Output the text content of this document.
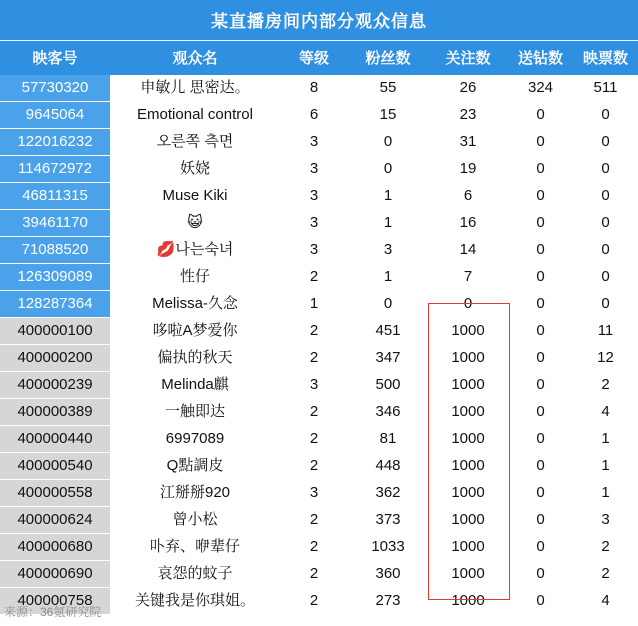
某直播房间内部分观众信息
映客号	观众名	等级	粉丝数	关注数	送钻数	映票数
57730320	申敏儿 思密达。	8	55	26	324	511
9645064	Emotional control	6	15	23	0	0
122016232	오른쪽 측면	3	0	31	0	0
114672972	妖娆	3	0	19	0	0
46811315	Muse Kiki	3	1	6	0	0
39461170	😺	3	1	16	0	0
71088520	💋나는숙녀	3	3	14	0	0
126309089	性仔	2	1	7	0	0
128287364	Melissa-久念	1	0	0	0	0
400000100	哆啦A梦爱你	2	451	1000	0	11
400000200	偏执的秋天	2	347	1000	0	12
400000239	Melinda麒	3	500	1000	0	2
400000389	一触即达	2	346	1000	0	4
400000440	6997089	2	81	1000	0	1
400000540	Q點調皮	2	448	1000	0	1
400000558	江掰掰920	3	362	1000	0	1
400000624	曾小松	2	373	1000	0	3
400000680	卟弃、咿辈仔	2	1033	1000	0	2
400000690	哀怨的蚊子	2	360	1000	0	2
400000758	关键我是你琪姐。	2	273	1000	0	4
来源：36氪研究院
